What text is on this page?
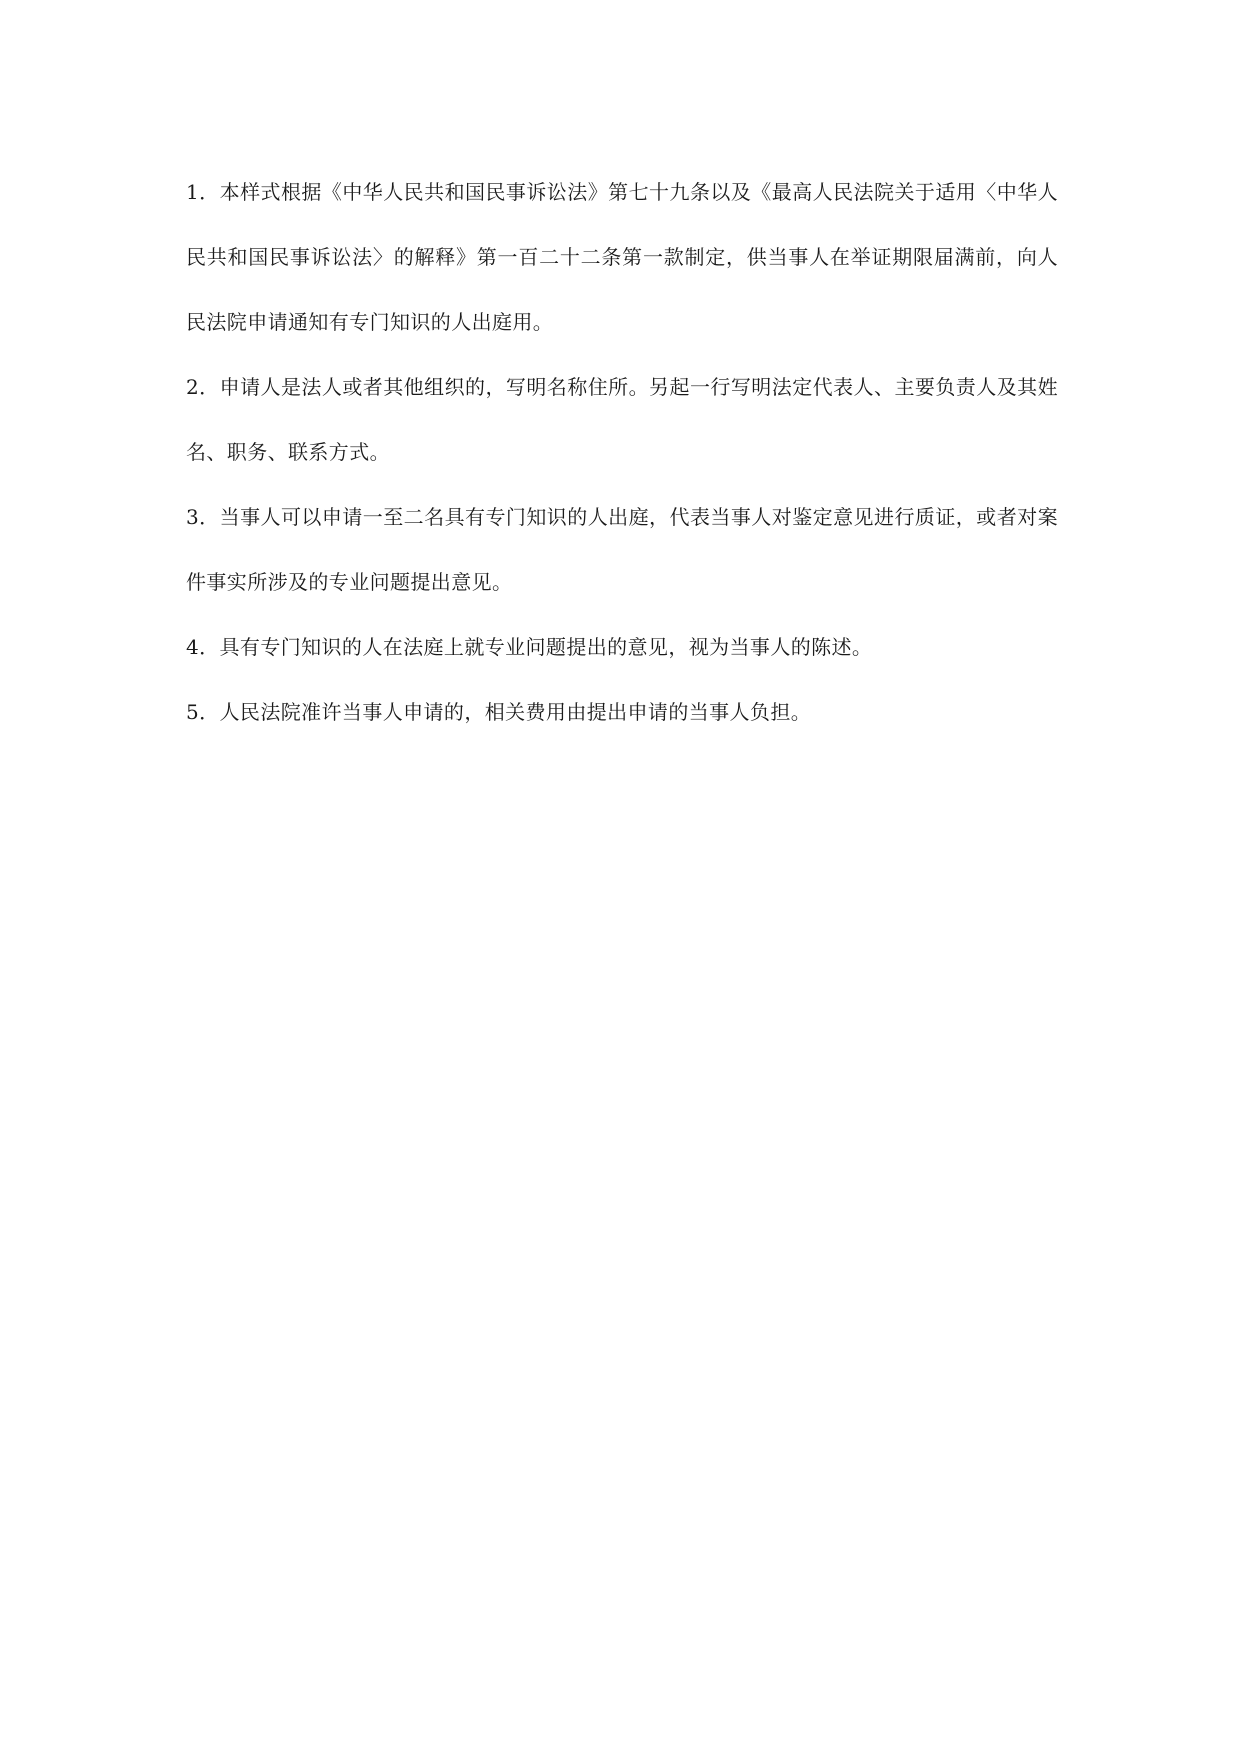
1．本样式根据《中华人民共和国民事诉讼法》第七十九条以及《最高人民法院关于适用〈中华人民共和国民事诉讼法〉的解释》第一百二十二条第一款制定，供当事人在举证期限届满前，向人民法院申请通知有专门知识的人出庭用。

2．申请人是法人或者其他组织的，写明名称住所。另起一行写明法定代表人、主要负责人及其姓名、职务、联系方式。

3．当事人可以申请一至二名具有专门知识的人出庭，代表当事人对鉴定意见进行质证，或者对案件事实所涉及的专业问题提出意见。

4．具有专门知识的人在法庭上就专业问题提出的意见，视为当事人的陈述。

5．人民法院准许当事人申请的，相关费用由提出申请的当事人负担。
